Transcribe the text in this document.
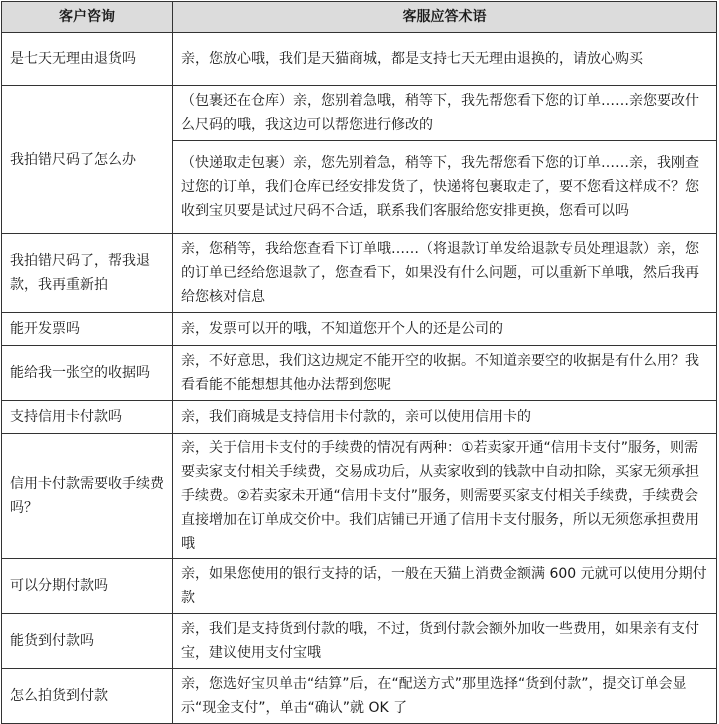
客户咨询	客服应答术语
是七天无理由退货吗	亲，您放心哦，我们是天猫商城，都是支持七天无理由退换的，请放心购买
我拍错尺码了怎么办	（包裹还在仓库）亲，您别着急哦，稍等下，我先帮您看下您的订单……亲您要改什么尺码的哦，我这边可以帮您进行修改的
	（快递取走包裹）亲，您先别着急，稍等下，我先帮您看下您的订单……亲，我刚查过您的订单，我们仓库已经安排发货了，快递将包裹取走了，要不您看这样成不？您收到宝贝要是试过尺码不合适，联系我们客服给您安排更换，您看可以吗
我拍错尺码了，帮我退款，我再重新拍	亲，您稍等，我给您查看下订单哦……（将退款订单发给退款专员处理退款）亲，您的订单已经给您退款了，您查看下，如果没有什么问题，可以重新下单哦，然后我再给您核对信息
能开发票吗	亲，发票可以开的哦，不知道您开个人的还是公司的
能给我一张空的收据吗	亲，不好意思，我们这边规定不能开空的收据。不知道亲要空的收据是有什么用？我看看能不能想想其他办法帮到您呢
支持信用卡付款吗	亲，我们商城是支持信用卡付款的，亲可以使用信用卡的
信用卡付款需要收手续费吗？	亲，关于信用卡支付的手续费的情况有两种：①若卖家开通“信用卡支付”服务，则需要卖家支付相关手续费，交易成功后，从卖家收到的钱款中自动扣除，买家无须承担手续费。②若卖家未开通“信用卡支付”服务，则需要买家支付相关手续费，手续费会直接增加在订单成交价中。我们店铺已开通了信用卡支付服务，所以无须您承担费用哦
可以分期付款吗	亲，如果您使用的银行支持的话，一般在天猫上消费金额满 600 元就可以使用分期付款
能货到付款吗	亲，我们是支持货到付款的哦，不过，货到付款会额外加收一些费用，如果亲有支付宝，建议使用支付宝哦
怎么拍货到付款	亲，您选好宝贝单击“结算”后，在“配送方式”那里选择“货到付款”，提交订单会显示“现金支付”，单击“确认”就 OK 了
